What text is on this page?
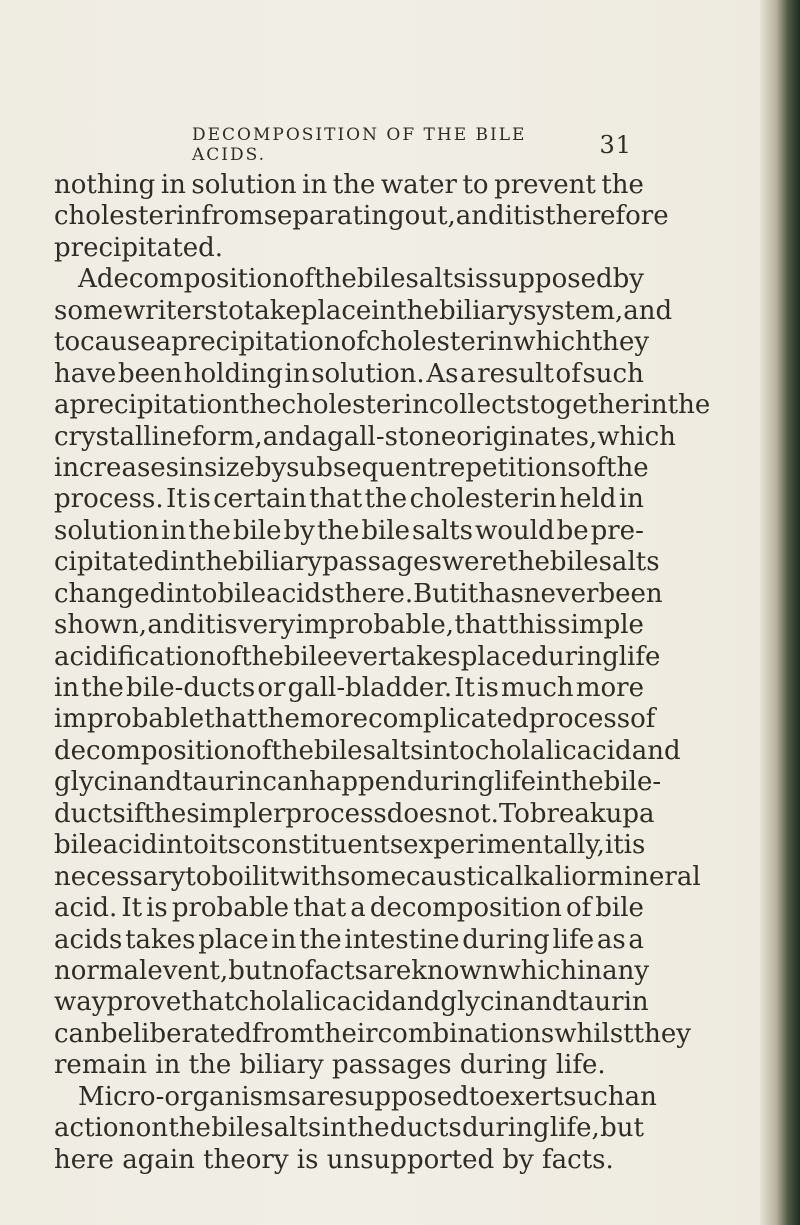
DECOMPOSITION OF THE BILE ACIDS.	31
nothing in solution in the water to prevent the
cholesterin from separating out, and it is therefore
precipitated.
A decomposition of the bile salts is supposed by
some writers to take place in the biliary system, and
to cause a precipitation of cholesterin which they
have been holding in solution. As a result of such
a precipitation the cholesterin collects together in the
crystalline form, and a gall-stone originates, which
increases in size by subsequent repetitions of the
process. It is certain that the cholesterin held in
solution in the bile by the bile salts would be pre-
cipitated in the biliary passages were the bile salts
changed into bile acids there. But it has never been
shown, and it is very improbable, that this simple
acidification of the bile ever takes place during life
in the bile-ducts or gall-bladder. It is much more
improbable that the more complicated process of
decomposition of the bile salts into cholalic acid and
glycin and taurin can happen during life in the bile-
ducts if the simpler process does not. To break up a
bile acid into its constituents experimentally, it is
necessary to boil it with some caustic alkali or mineral
acid. It is probable that a decomposition of bile
acids takes place in the intestine during life as a
normal event, but no facts are known which in any
way prove that cholalic acid and glycin and taurin
can be liberated from their combinations whilst they
remain in the biliary passages during life.
Micro-organisms are supposed to exert such an
action on the bile salts in the ducts during life, but
here again theory is unsupported by facts.
